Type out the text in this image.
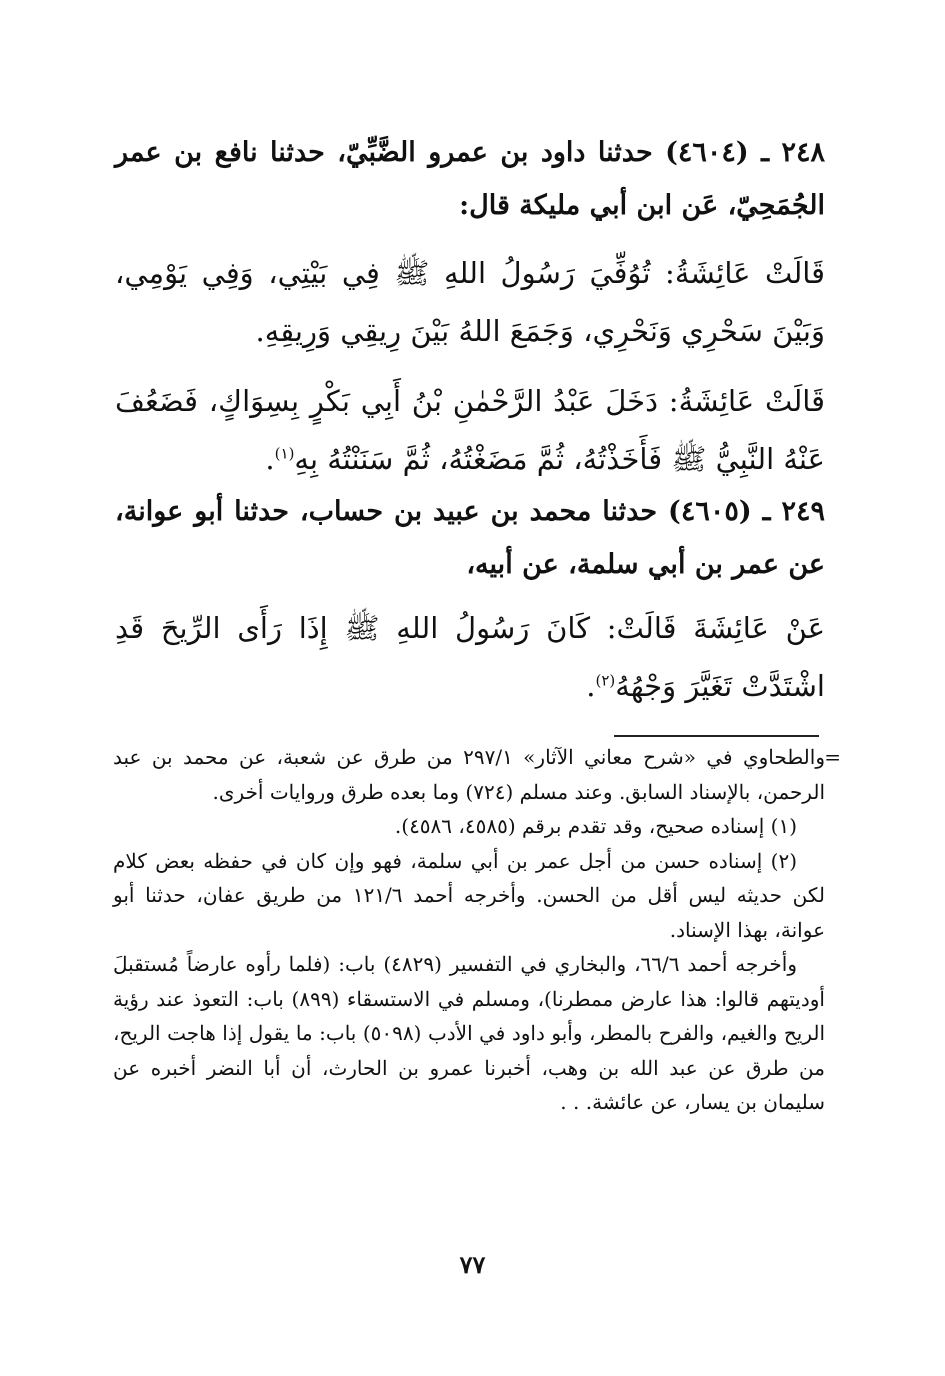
٢٤٨ ـ (٤٦٠٤) حدثنا داود بن عمرو الضَّبِّيّ، حدثنا نافع بن عمر الجُمَحِيّ، عَن ابن أبي مليكة قال:

قَالَتْ عَائِشَةُ: تُوُفِّيَ رَسُولُ اللهِ ﷺ فِي بَيْتِي، وَفِي يَوْمِي، وَبَيْنَ سَحْرِي وَنَحْرِي، وَجَمَعَ اللهُ بَيْنَ رِيقِي وَرِيقِهِ.

قَالَتْ عَائِشَةُ: دَخَلَ عَبْدُ الرَّحْمٰنِ بْنُ أَبِي بَكْرٍ بِسِوَاكٍ، فَضَعُفَ عَنْهُ النَّبِيُّ ﷺ فَأَخَذْتُهُ، ثُمَّ مَضَغْتُهُ، ثُمَّ سَنَنْتُهُ بِهِ$^{(١)}$.

٢٤٩ ـ (٤٦٠٥) حدثنا محمد بن عبيد بن حساب، حدثنا أبو عوانة، عن عمر بن أبي سلمة، عن أبيه،

عَنْ عَائِشَةَ قَالَتْ: كَانَ رَسُولُ اللهِ ﷺ إِذَا رَأَى الرِّيحَ قَدِ اشْتَدَّتْ تَغَيَّرَ وَجْهُهُ$^{(٢)}$.

=

والطحاوي في «شرح معاني الآثار» ٢٩٧/١ من طرق عن شعبة، عن محمد بن عبد الرحمن، بالإسناد السابق. وعند مسلم (٧٢٤) وما بعده طرق وروايات أخرى.

(١) إسناده صحيح، وقد تقدم برقم (٤٥٨٥، ٤٥٨٦).

(٢) إسناده حسن من أجل عمر بن أبي سلمة، فهو وإن كان في حفظه بعض كلام لكن حديثه ليس أقل من الحسن. وأخرجه أحمد ١٢١/٦ من طريق عفان، حدثنا أبو عوانة، بهذا الإسناد.

وأخرجه أحمد ٦٦/٦، والبخاري في التفسير (٤٨٢٩) باب: (فلما رأوه عارضاً مُستقبلَ أوديتهم قالوا: هذا عارض ممطرنا)، ومسلم في الاستسقاء (٨٩٩) باب: التعوذ عند رؤية الريح والغيم، والفرح بالمطر، وأبو داود في الأدب (٥٠٩٨) باب: ما يقول إذا هاجت الريح، من طرق عن عبد الله بن وهب، أخبرنا عمرو بن الحارث، أن أبا النضر أخبره عن سليمان بن يسار، عن عائشة. . .

٧٧
